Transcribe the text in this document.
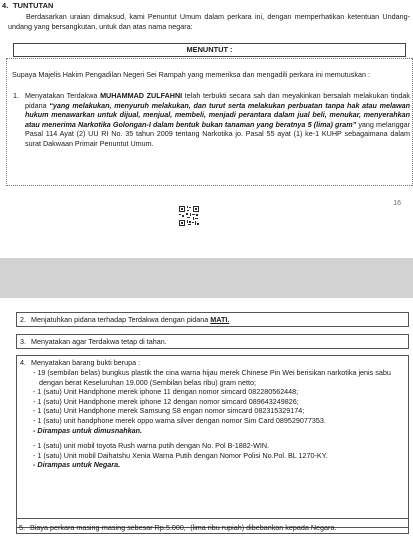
4. TUNTUTAN

Berdasarkan uraian dimaksud, kami Penuntut Umum dalam perkara ini, dengan memperhatikan ketentuan Undang-undang yang bersangkutan, untuk dan atas nama negara:

MENUNTUT :
Supaya Majelis Hakim Pengadilan Negeri Sei Rampah yang memeriksa dan mengadili perkara ini memutuskan :
1. Menyatakan Terdakwa MUHAMMAD ZULFAHNI telah terbukti secara sah dan meyakinkan bersalah melakukan tindak pidana “yang melakukan, menyuruh melakukan, dan turut serta melakukan perbuatan tanpa hak atau melawan hukum menawarkan untuk dijual, menjual, membeli, menjadi perantara dalam jual beli, menukar, menyerahkan atau menerima Narkotika Golongan-I dalam bentuk bukan tanaman yang beratnya 5 (lima) gram” yang melanggar Pasal 114 Ayat (2) UU RI No. 35 tahun 2009 tentang Narkotika jo. Pasal 55 ayat (1) ke-1 KUHP sebagaimana dalam surat Dakwaan Primair Penuntut Umum.
16
2. Menjatuhkan pidana terhadap Terdakwa dengan pidana MATI.
3. Menyatakan agar Terdakwa tetap di tahan.
4. Menyatakan barang bukti berupa :
- 19 (sembilan belas) bungkus plastik the cina warna hijau merek Chinese Pin Wei berisikan narkotika jenis sabu dengan berat Keseluruhan 19.000 (Sembilan belas ribu) gram netto;
- 1 (satu) Unit Handphone merek iphone 11 dengan nomor simcard 082280562448;
- 1 (satu) Unit Handphone merek iphone 12 dengan nomor simcard 089643249826;
- 1 (satu) Unit Handphone merek Samsung S8 engan nomor simcard 082315329174;
- 1 (satu) unit handphone merek oppo warna silver dengan nomor Sim Card 089529077353.
- Dirampas untuk dimusnahkan.
- 1 (satu) unit mobil toyota Rush warna putih dengan No. Pol B-1882-WIN.
- 1 (satu) Unit mobil Daihatshu Xenia Warna Putih dengan Nomor Polisi No.Pol. BL 1270-KY.
- Dirampas untuk Negara.
5. Biaya perkara masing-masing sebesar Rp.5.000,- (lima ribu rupiah) dibebankan kepada Negara.
